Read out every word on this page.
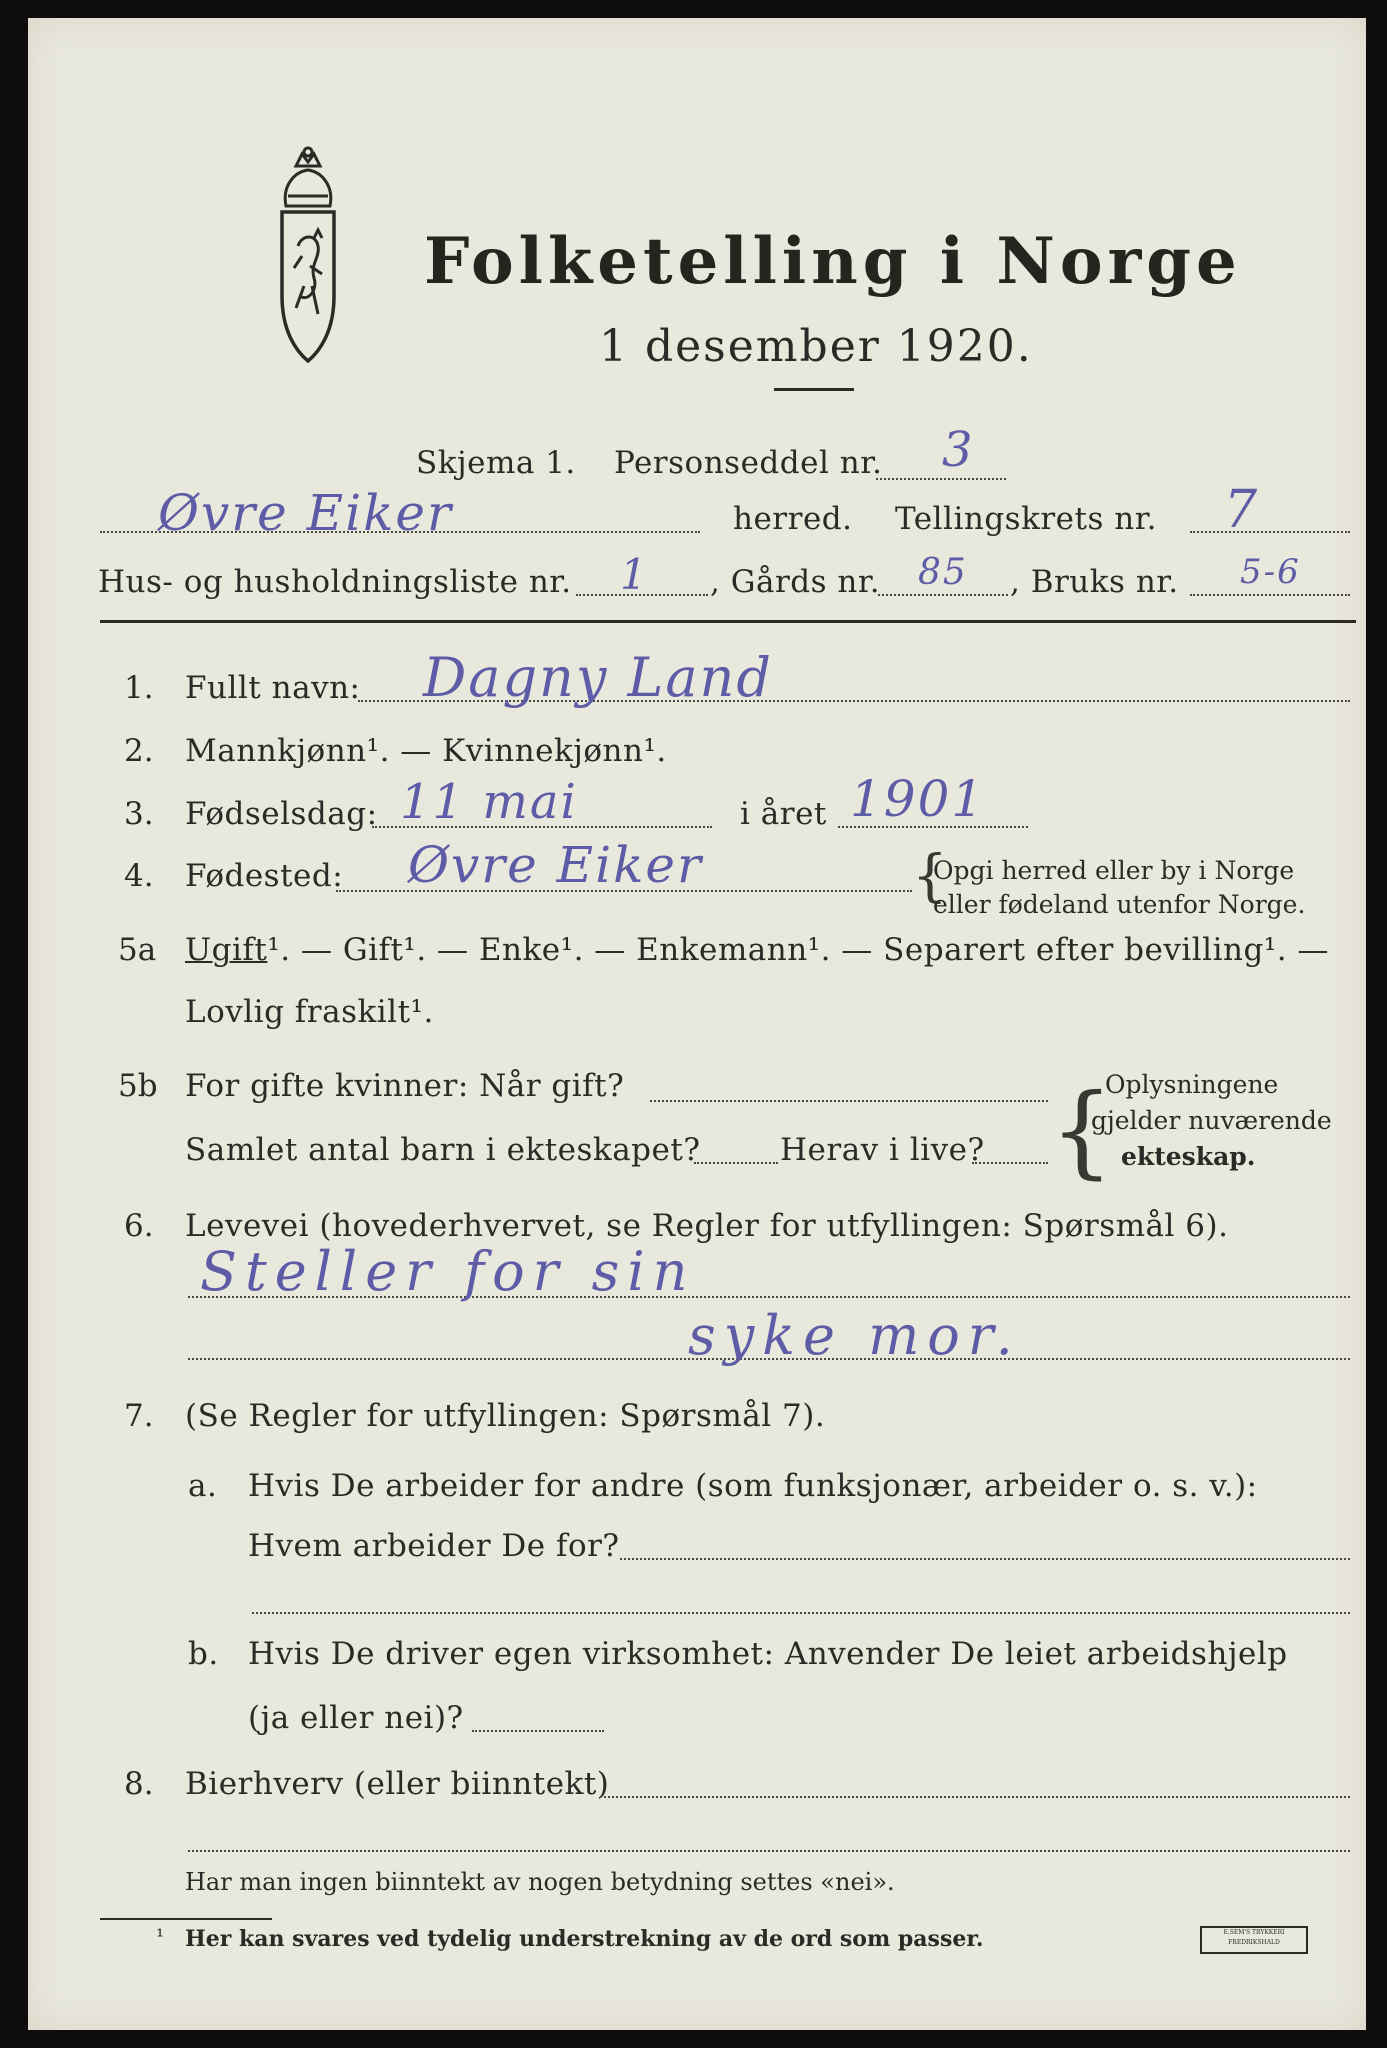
Folketelling i Norge
1 desember 1920.
Skjema 1. Personseddel nr. 3
Øvre Eiker	herred. Tellingskrets nr. 7
Hus- og husholdningsliste nr. 1 , Gårds nr. 85 , Bruks nr. 5-6
1. Fullt navn: Dagny Land
2. Mannkjønn¹. — Kvinnekjønn¹.
3. Fødselsdag: 11 mai	i året 1901
4. Fødested: Øvre Eiker	{
Opgi herred eller by i Norge
eller fødeland utenfor Norge.
5a Ugift¹. — Gift¹. — Enke¹. — Enkemann¹. — Separert efter bevilling¹. —
Lovlig fraskilt¹.
5b For gifte kvinner: Når gift?
Samlet antal barn i ekteskapet?	Herav i live? {
Oplysningene
gjelder nuværende
ekteskap.
6. Levevei (hovederhvervet, se Regler for utfyllingen: Spørsmål 6).
Steller for sin
syke mor.
7. (Se Regler for utfyllingen: Spørsmål 7).
a. Hvis De arbeider for andre (som funksjonær, arbeider o. s. v.):
Hvem arbeider De for?
b. Hvis De driver egen virksomhet: Anvender De leiet arbeidshjelp
(ja eller nei)?
8. Bierhverv (eller biinntekt)
Har man ingen biinntekt av nogen betydning settes «nei».
¹ Her kan svares ved tydelig understrekning av de ord som passer.	E.SEM'S TRYKKERI FREDRIKSHALD
